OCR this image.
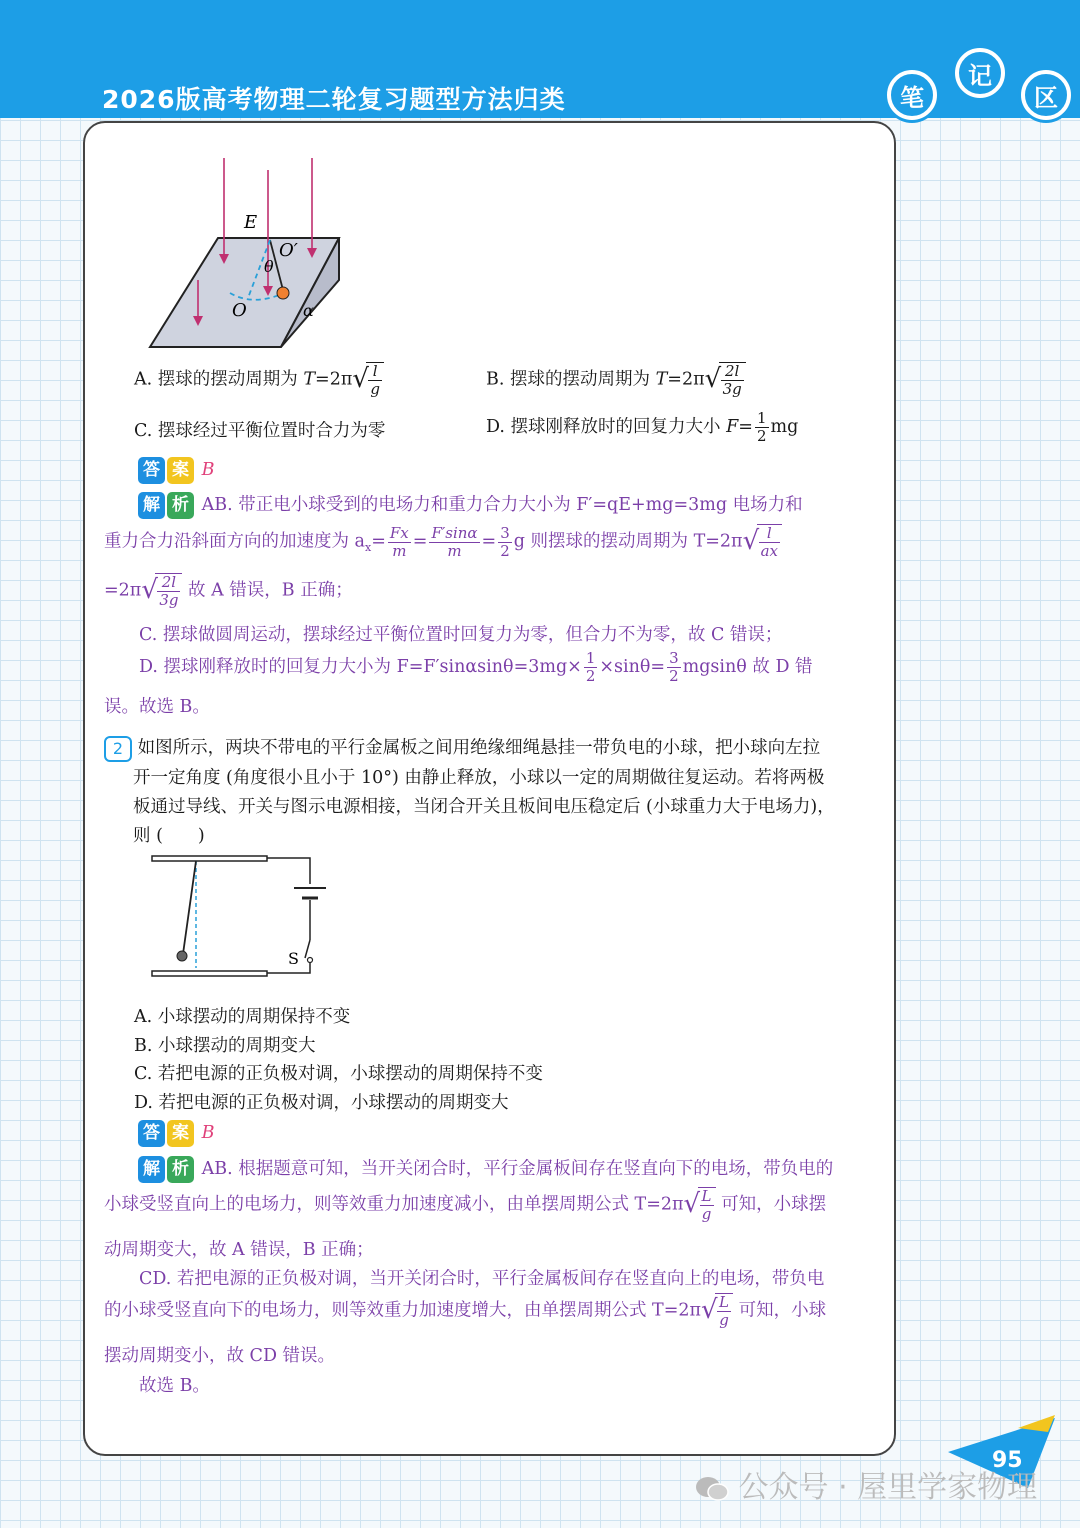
2026版高考物理二轮复习题型方法归类	笔
记
区
E
O′
θ
O	α
A. 摆球的摆动周期为 T=2π √ $\frac{l}{g}$	B. 摆球的摆动周期为 T=2π √ $\frac{2l}{3g}$
C. 摆球经过平衡位置时合力为零	D. 摆球刚释放时的回复力大小 $F= \frac{1}{2}$ mg
答 案 B
解 析 AB. 带正电小球受到的电场力和重力合力大小为 F′=qE+mg=3mg 电场力和
重力合力沿斜面方向的加速度为 $a_x= \frac{Fx}{m} = \frac{F'\sin\alpha}{m} = \frac{3}{2}$ g 则摆球的摆动周期为 T=2π √ $\frac{l}{ax}$
=2π √ $\frac{2l}{3g}$ 故 A 错误，B 正确；
C. 摆球做圆周运动，摆球经过平衡位置时回复力为零，但合力不为零，故 C 错误；
D. 摆球刚释放时的回复力大小为 $F=F'\sin\alpha\sin\theta=3mg\times \frac{1}{2} \times\sin\theta= \frac{3}{2}$ mgsinθ 故 D 错
误。故选 B。
2 如图所示，两块不带电的平行金属板之间用绝缘细绳悬挂一带负电的小球，把小球向左拉
开一定角度 (角度很小且小于 10°) 由静止释放，小球以一定的周期做往复运动。若将两极
板通过导线、开关与图示电源相接，当闭合开关且板间电压稳定后 (小球重力大于电场力)，
则 (　　)
S
A. 小球摆动的周期保持不变
B. 小球摆动的周期变大
C. 若把电源的正负极对调，小球摆动的周期保持不变
D. 若把电源的正负极对调，小球摆动的周期变大
答 案 B
解 析 AB. 根据题意可知，当开关闭合时，平行金属板间存在竖直向下的电场，带负电的
小球受竖直向上的电场力，则等效重力加速度减小，由单摆周期公式 T=2π √ $\frac{L}{g}$ 可知，小球摆
动周期变大，故 A 错误，B 正确；
CD. 若把电源的正负极对调，当开关闭合时，平行金属板间存在竖直向上的电场，带负电
的小球受竖直向下的电场力，则等效重力加速度增大，由单摆周期公式 T=2π √ $\frac{L}{g}$ 可知，小球
摆动周期变小，故 CD 错误。
故选 B。
95
公众号 · 屋里学家物理
